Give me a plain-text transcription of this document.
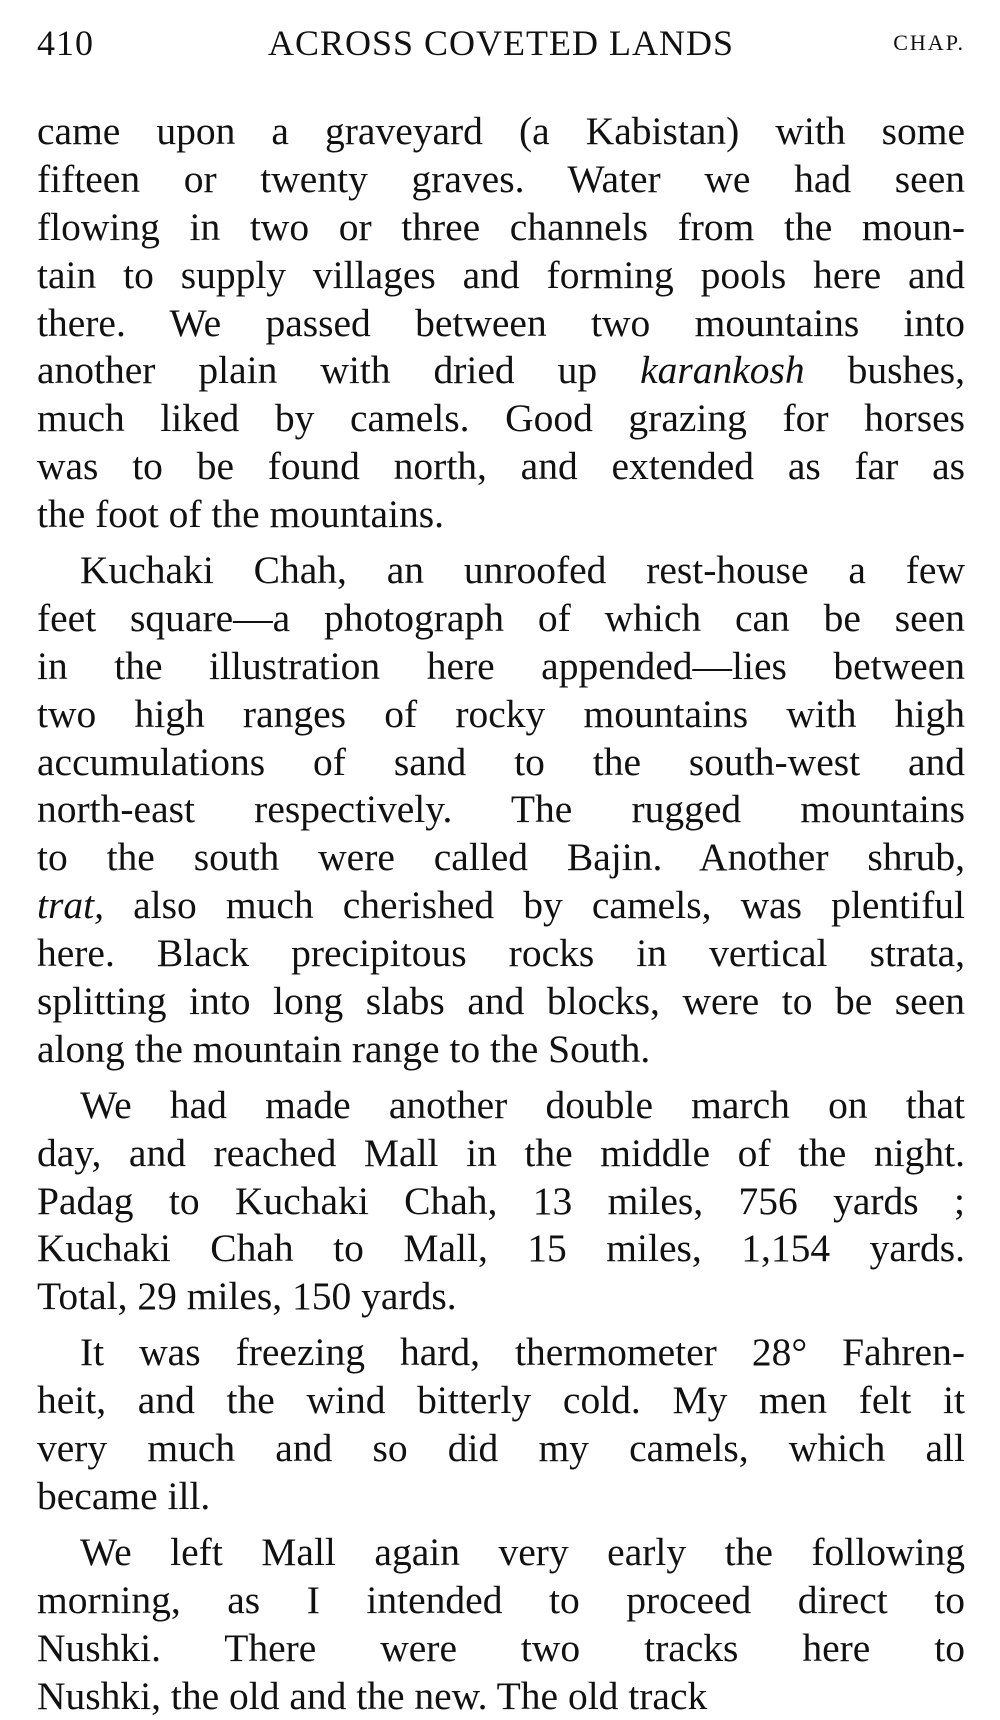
410	ACROSS COVETED LANDS	CHAP.
came upon a graveyard (a Kabistan) with some
fifteen or twenty graves. Water we had seen
flowing in two or three channels from the moun-
tain to supply villages and forming pools here and
there. We passed between two mountains into
another plain with dried up karankosh bushes,
much liked by camels. Good grazing for horses
was to be found north, and extended as far as
the foot of the mountains.
Kuchaki Chah, an unroofed rest-house a few
feet square—a photograph of which can be seen
in the illustration here appended—lies between
two high ranges of rocky mountains with high
accumulations of sand to the south-west and
north-east respectively. The rugged mountains
to the south were called Bajin. Another shrub,
trat, also much cherished by camels, was plentiful
here. Black precipitous rocks in vertical strata,
splitting into long slabs and blocks, were to be seen
along the mountain range to the South.
We had made another double march on that
day, and reached Mall in the middle of the night.
Padag to Kuchaki Chah, 13 miles, 756 yards ;
Kuchaki Chah to Mall, 15 miles, 1,154 yards.
Total, 29 miles, 150 yards.
It was freezing hard, thermometer 28° Fahren-
heit, and the wind bitterly cold. My men felt it
very much and so did my camels, which all
became ill.
We left Mall again very early the following
morning, as I intended to proceed direct to
Nushki. There were two tracks here to
Nushki, the old and the new. The old track
